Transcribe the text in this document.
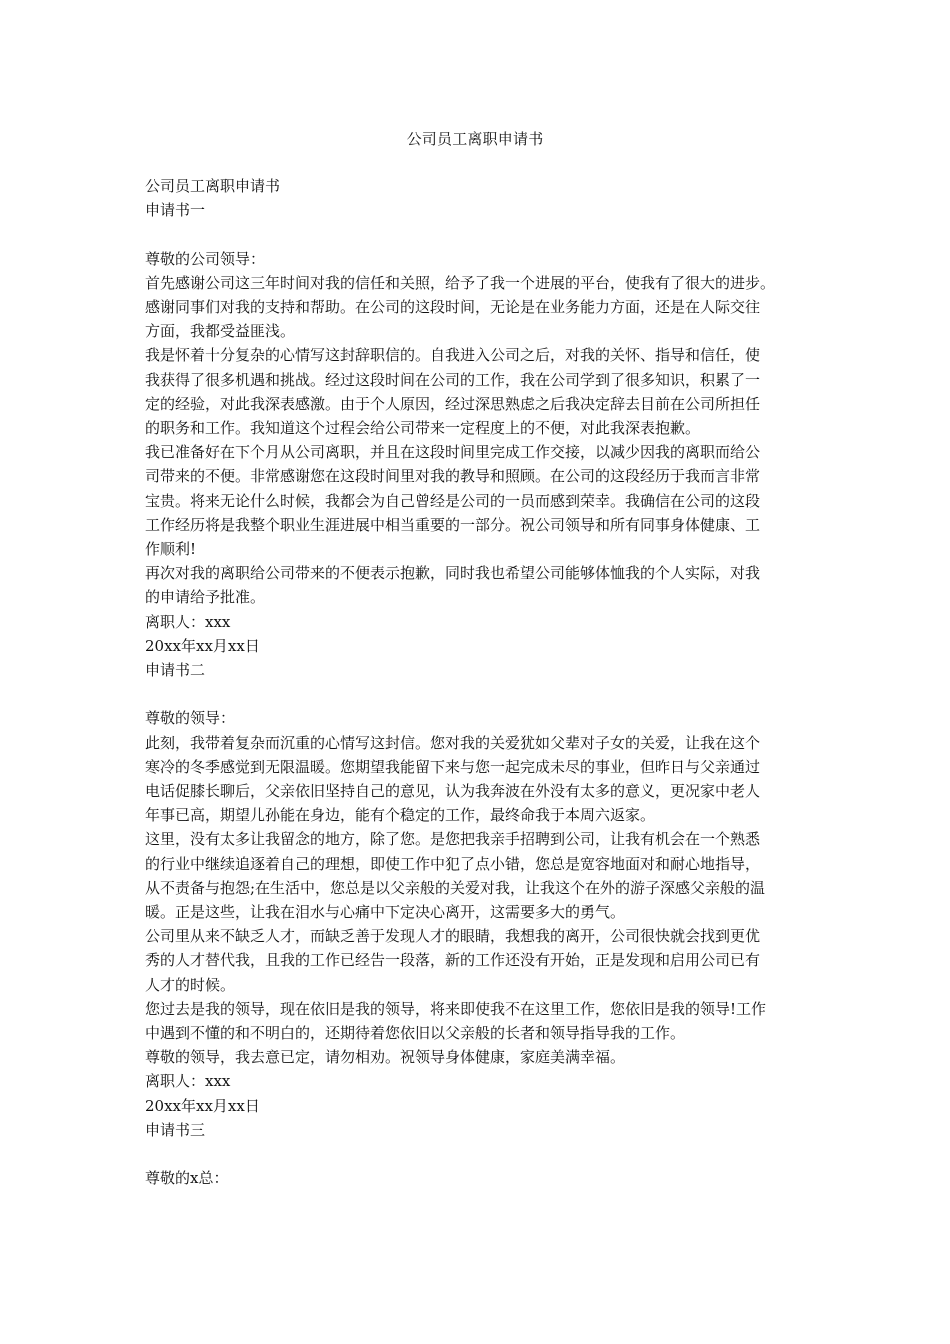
公司员工离职申请书
公司员工离职申请书
申请书一
尊敬的公司领导：
首先感谢公司这三年时间对我的信任和关照，给予了我一个进展的平台，使我有了很大的进步。
感谢同事们对我的支持和帮助。在公司的这段时间，无论是在业务能力方面，还是在人际交往
方面，我都受益匪浅。
我是怀着十分复杂的心情写这封辞职信的。自我进入公司之后，对我的关怀、指导和信任，使
我获得了很多机遇和挑战。经过这段时间在公司的工作，我在公司学到了很多知识，积累了一
定的经验，对此我深表感激。由于个人原因，经过深思熟虑之后我决定辞去目前在公司所担任
的职务和工作。我知道这个过程会给公司带来一定程度上的不便，对此我深表抱歉。
我已准备好在下个月从公司离职，并且在这段时间里完成工作交接，以减少因我的离职而给公
司带来的不便。非常感谢您在这段时间里对我的教导和照顾。在公司的这段经历于我而言非常
宝贵。将来无论什么时候，我都会为自己曾经是公司的一员而感到荣幸。我确信在公司的这段
工作经历将是我整个职业生涯进展中相当重要的一部分。祝公司领导和所有同事身体健康、工
作顺利!
再次对我的离职给公司带来的不便表示抱歉，同时我也希望公司能够体恤我的个人实际，对我
的申请给予批准。
离职人：xxx
20xx年xx月xx日
申请书二
尊敬的领导：
此刻，我带着复杂而沉重的心情写这封信。您对我的关爱犹如父辈对子女的关爱，让我在这个
寒冷的冬季感觉到无限温暖。您期望我能留下来与您一起完成未尽的事业，但昨日与父亲通过
电话促膝长聊后，父亲依旧坚持自己的意见，认为我奔波在外没有太多的意义，更况家中老人
年事已高，期望儿孙能在身边，能有个稳定的工作，最终命我于本周六返家。
这里，没有太多让我留念的地方，除了您。是您把我亲手招聘到公司，让我有机会在一个熟悉
的行业中继续追逐着自己的理想，即使工作中犯了点小错，您总是宽容地面对和耐心地指导，
从不责备与抱怨;在生活中，您总是以父亲般的关爱对我，让我这个在外的游子深感父亲般的温
暖。正是这些，让我在泪水与心痛中下定决心离开，这需要多大的勇气。
公司里从来不缺乏人才，而缺乏善于发现人才的眼睛，我想我的离开，公司很快就会找到更优
秀的人才替代我，且我的工作已经告一段落，新的工作还没有开始，正是发现和启用公司已有
人才的时候。
您过去是我的领导，现在依旧是我的领导，将来即使我不在这里工作，您依旧是我的领导!工作
中遇到不懂的和不明白的，还期待着您依旧以父亲般的长者和领导指导我的工作。
尊敬的领导，我去意已定，请勿相劝。祝领导身体健康，家庭美满幸福。
离职人：xxx
20xx年xx月xx日
申请书三
尊敬的x总：
